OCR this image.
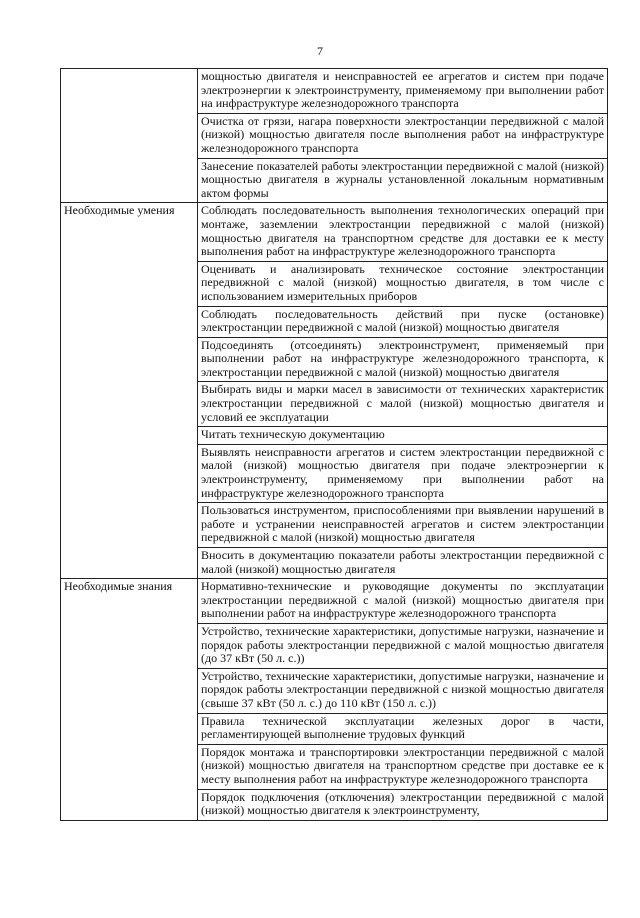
7
	мощностью двигателя и неисправностей ее агрегатов и систем при подаче электроэнергии к электроинструменту, применяемому при выполнении работ на инфраструктуре железнодорожного транспорта
	Очистка от грязи, нагара поверхности электростанции передвижной с малой (низкой) мощностью двигателя после выполнения работ на инфраструктуре железнодорожного транспорта
	Занесение показателей работы электростанции передвижной с малой (низкой) мощностью двигателя в журналы установленной локальным нормативным актом формы
Необходимые умения	Соблюдать последовательность выполнения технологических операций при монтаже, заземлении электростанции передвижной с малой (низкой) мощностью двигателя на транспортном средстве для доставки ее к месту выполнения работ на инфраструктуре железнодорожного транспорта
	Оценивать и анализировать техническое состояние электростанции передвижной с малой (низкой) мощностью двигателя, в том числе с использованием измерительных приборов
	Соблюдать последовательность действий при пуске (остановке) электростанции передвижной с малой (низкой) мощностью двигателя
	Подсоединять (отсоединять) электроинструмент, применяемый при выполнении работ на инфраструктуре железнодорожного транспорта, к электростанции передвижной с малой (низкой) мощностью двигателя
	Выбирать виды и марки масел в зависимости от технических характеристик электростанции передвижной с малой (низкой) мощностью двигателя и условий ее эксплуатации
	Читать техническую документацию
	Выявлять неисправности агрегатов и систем электростанции передвижной с малой (низкой) мощностью двигателя при подаче электроэнергии к электроинструменту, применяемому при выполнении работ на инфраструктуре железнодорожного транспорта
	Пользоваться инструментом, приспособлениями при выявлении нарушений в работе и устранении неисправностей агрегатов и систем электростанции передвижной с малой (низкой) мощностью двигателя
	Вносить в документацию показатели работы электростанции передвижной с малой (низкой) мощностью двигателя
Необходимые знания	Нормативно-технические и руководящие документы по эксплуатации электростанции передвижной с малой (низкой) мощностью двигателя при выполнении работ на инфраструктуре железнодорожного транспорта
	Устройство, технические характеристики, допустимые нагрузки, назначение и порядок работы электростанции передвижной с малой мощностью двигателя (до 37 кВт (50 л. с.))
	Устройство, технические характеристики, допустимые нагрузки, назначение и порядок работы электростанции передвижной с низкой мощностью двигателя (свыше 37 кВт (50 л. с.) до 110 кВт (150 л. с.))
	Правила технической эксплуатации железных дорог в части, регламентирующей выполнение трудовых функций
	Порядок монтажа и транспортировки электростанции передвижной с малой (низкой) мощностью двигателя на транспортном средстве при доставке ее к месту выполнения работ на инфраструктуре железнодорожного транспорта
	Порядок подключения (отключения) электростанции передвижной с малой (низкой) мощностью двигателя к электроинструменту,
